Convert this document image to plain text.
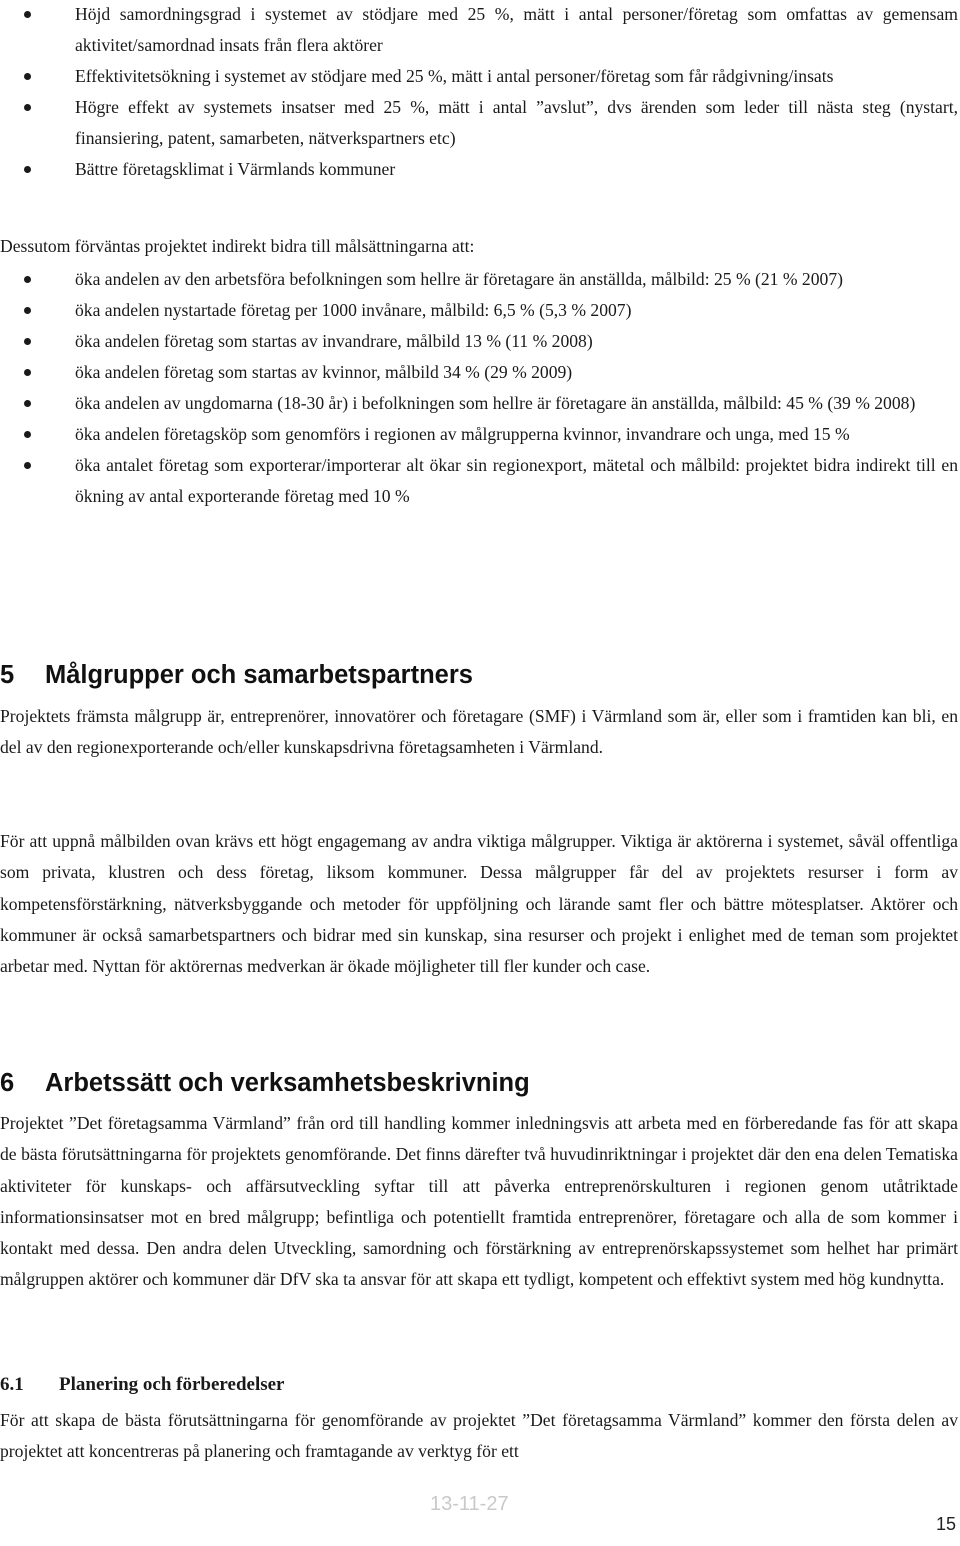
Höjd samordningsgrad i systemet av stödjare med 25 %, mätt i antal personer/företag som omfattas av gemensam aktivitet/samordnad insats från flera aktörer
Effektivitetsökning i systemet av stödjare med 25 %, mätt i antal personer/företag som får rådgivning/insats
Högre effekt av systemets insatser med 25 %, mätt i antal ”avslut”, dvs ärenden som leder till nästa steg (nystart, finansiering, patent, samarbeten, nätverkspartners etc)
Bättre företagsklimat i Värmlands kommuner

Dessutom förväntas projektet indirekt bidra till målsättningarna att:

öka andelen av den arbetsföra befolkningen som hellre är företagare än anställda, målbild: 25 % (21 % 2007)
öka andelen nystartade företag per 1000 invånare, målbild: 6,5 % (5,3 % 2007)
öka andelen företag som startas av invandrare, målbild 13 % (11 % 2008)
öka andelen företag som startas av kvinnor, målbild 34 % (29 % 2009)
öka andelen av ungdomarna (18-30 år) i befolkningen som hellre är företagare än anställda, målbild: 45 % (39 % 2008)
öka andelen företagsköp som genomförs i regionen av målgrupperna kvinnor, invandrare och unga, med 15 %
öka antalet företag som exporterar/importerar alt ökar sin regionexport, mätetal och målbild: projektet bidra indirekt till en ökning av antal exporterande företag med 10 %
5 Målgrupper och samarbetspartners

Projektets främsta målgrupp är, entreprenörer, innovatörer och företagare (SMF) i Värmland som är, eller som i framtiden kan bli, en del av den regionexporterande och/eller kunskapsdrivna företagsamheten i Värmland.

För att uppnå målbilden ovan krävs ett högt engagemang av andra viktiga målgrupper. Viktiga är aktörerna i systemet, såväl offentliga som privata, klustren och dess företag, liksom kommuner. Dessa målgrupper får del av projektets resurser i form av kompetensförstärkning, nätverksbyggande och metoder för uppföljning och lärande samt fler och bättre mötesplatser. Aktörer och kommuner är också samarbetspartners och bidrar med sin kunskap, sina resurser och projekt i enlighet med de teman som projektet arbetar med. Nyttan för aktörernas medverkan är ökade möjligheter till fler kunder och case.

6 Arbetssätt och verksamhetsbeskrivning

Projektet ”Det företagsamma Värmland” från ord till handling kommer inledningsvis att arbeta med en förberedande fas för att skapa de bästa förutsättningarna för projektets genomförande. Det finns därefter två huvudinriktningar i projektet där den ena delen Tematiska aktiviteter för kunskaps- och affärsutveckling syftar till att påverka entreprenörskulturen i regionen genom utåtriktade informationsinsatser mot en bred målgrupp; befintliga och potentiellt framtida entreprenörer, företagare och alla de som kommer i kontakt med dessa. Den andra delen Utveckling, samordning och förstärkning av entreprenörskapssystemet som helhet har primärt målgruppen aktörer och kommuner där DfV ska ta ansvar för att skapa ett tydligt, kompetent och effektivt system med hög kundnytta.

6.1 Planering och förberedelser

För att skapa de bästa förutsättningarna för genomförande av projektet ”Det företagsamma Värmland” kommer den första delen av projektet att koncentreras på planering och framtagande av verktyg för ett

13-11-27
15
